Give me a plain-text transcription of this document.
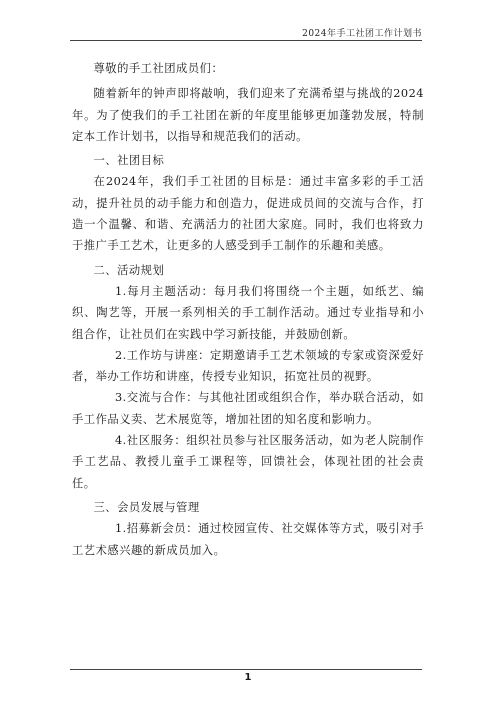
2024年手工社团工作计划书

尊敬的手工社团成员们：

随着新年的钟声即将敲响，我们迎来了充满希望与挑战的2024年。为了使我们的手工社团在新的年度里能够更加蓬勃发展，特制定本工作计划书，以指导和规范我们的活动。

一、社团目标

在2024年，我们手工社团的目标是：通过丰富多彩的手工活动，提升社员的动手能力和创造力，促进成员间的交流与合作，打造一个温馨、和谐、充满活力的社团大家庭。同时，我们也将致力于推广手工艺术，让更多的人感受到手工制作的乐趣和美感。

二、活动规划

1.每月主题活动：每月我们将围绕一个主题，如纸艺、编织、陶艺等，开展一系列相关的手工制作活动。通过专业指导和小组合作，让社员们在实践中学习新技能，并鼓励创新。

2.工作坊与讲座：定期邀请手工艺术领域的专家或资深爱好者，举办工作坊和讲座，传授专业知识，拓宽社员的视野。

3.交流与合作：与其他社团或组织合作，举办联合活动，如手工作品义卖、艺术展览等，增加社团的知名度和影响力。

4.社区服务：组织社员参与社区服务活动，如为老人院制作手工艺品、教授儿童手工课程等，回馈社会，体现社团的社会责任。

三、会员发展与管理

1.招募新会员：通过校园宣传、社交媒体等方式，吸引对手工艺术感兴趣的新成员加入。

1
